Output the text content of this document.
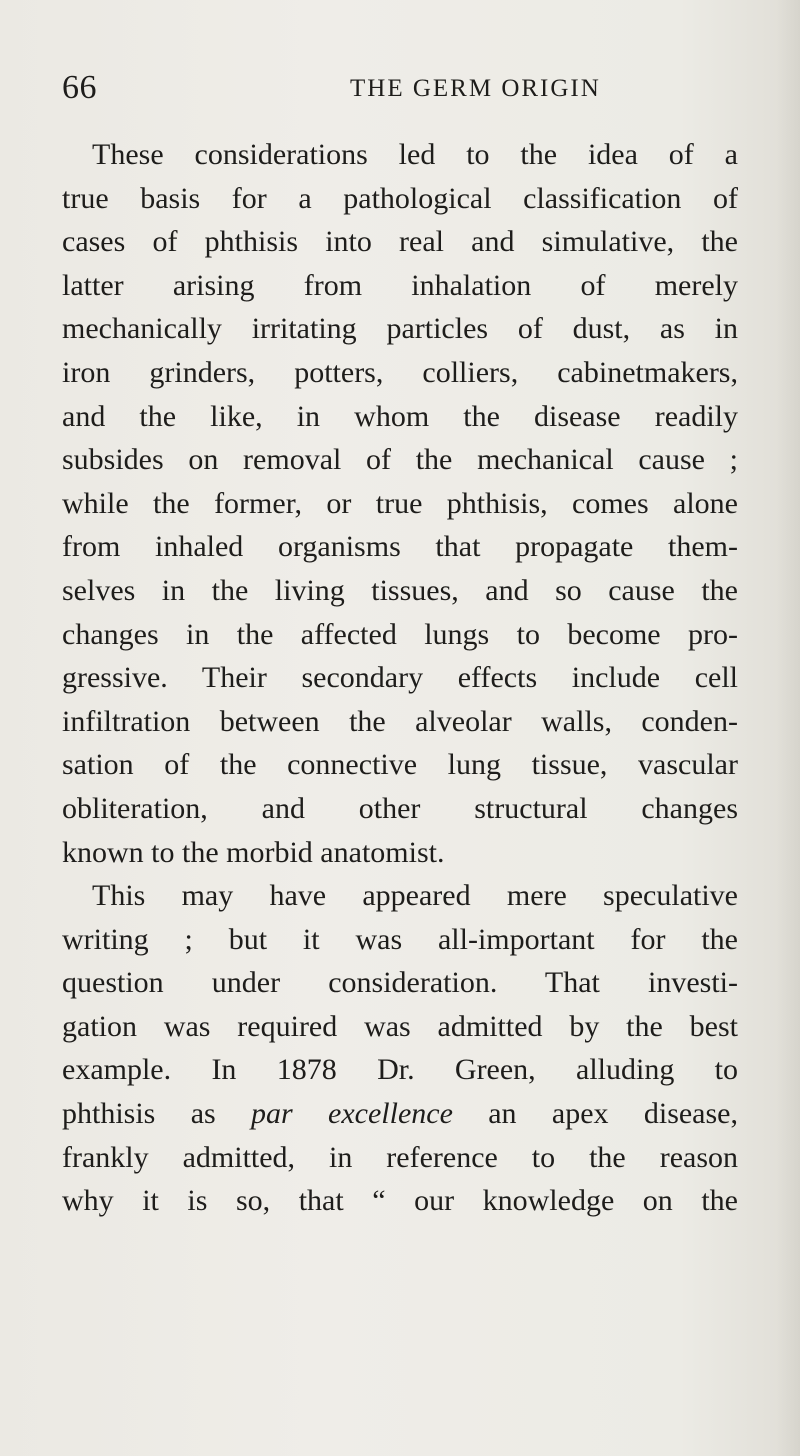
66	THE GERM ORIGIN
These considerations led to the idea of a
true basis for a pathological classification of
cases of phthisis into real and simulative, the
latter arising from inhalation of merely
mechanically irritating particles of dust, as in
iron grinders, potters, colliers, cabinetmakers,
and the like, in whom the disease readily
subsides on removal of the mechanical cause ;
while the former, or true phthisis, comes alone
from inhaled organisms that propagate them-
selves in the living tissues, and so cause the
changes in the affected lungs to become pro-
gressive. Their secondary effects include cell
infiltration between the alveolar walls, conden-
sation of the connective lung tissue, vascular
obliteration, and other structural changes
known to the morbid anatomist.
This may have appeared mere speculative
writing ; but it was all-important for the
question under consideration. That investi-
gation was required was admitted by the best
example. In 1878 Dr. Green, alluding to
phthisis as par excellence an apex disease,
frankly admitted, in reference to the reason
why it is so, that “ our knowledge on the
